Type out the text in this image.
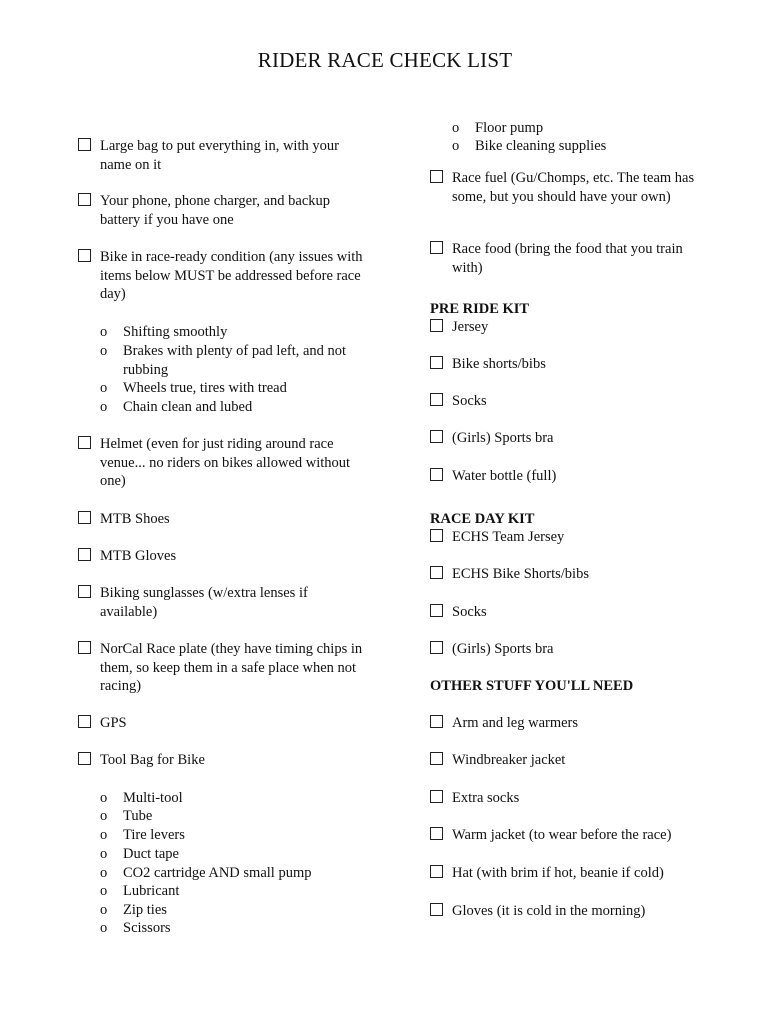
RIDER RACE CHECK LIST
Large bag to put everything in, with your name on it
Your phone, phone charger, and backup battery if you have one
Bike in race-ready condition (any issues with items below MUST be addressed before race day)
o	Shifting smoothly
o	Brakes with plenty of pad left, and not rubbing
o	Wheels true, tires with tread
o	Chain clean and lubed
Helmet (even for just riding around race venue... no riders on bikes allowed without one)
MTB Shoes
MTB Gloves
Biking sunglasses (w/extra lenses if available)
NorCal Race plate (they have timing chips in them, so keep them in a safe place when not racing)
GPS
Tool Bag for Bike
o	Multi-tool
o	Tube
o	Tire levers
o	Duct tape
o	CO2 cartridge AND small pump
o	Lubricant
o	Zip ties
o	Scissors
o	Floor pump
o	Bike cleaning supplies
Race fuel (Gu/Chomps, etc. The team has some, but you should have your own)
Race food (bring the food that you train with)
PRE RIDE KIT
Jersey
Bike shorts/bibs
Socks
(Girls) Sports bra
Water bottle (full)
RACE DAY KIT
ECHS Team Jersey
ECHS Bike Shorts/bibs
Socks
(Girls) Sports bra
OTHER STUFF YOU'LL NEED
Arm and leg warmers
Windbreaker jacket
Extra socks
Warm jacket (to wear before the race)
Hat (with brim if hot, beanie if cold)
Gloves (it is cold in the morning)
